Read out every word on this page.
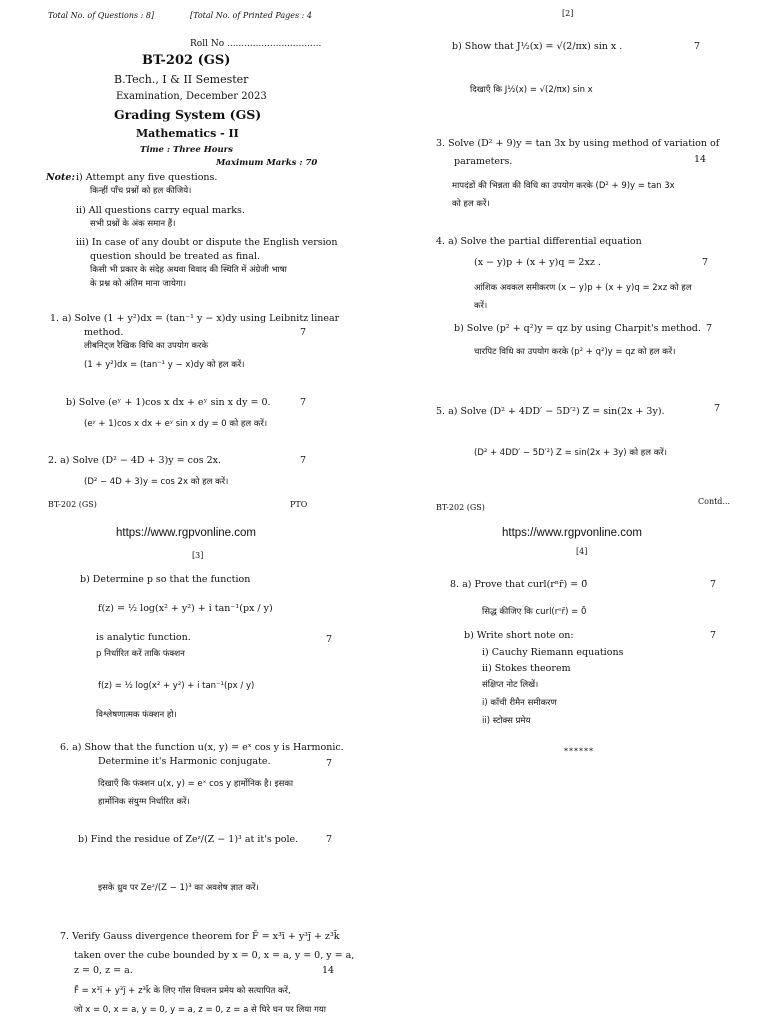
Total No. of Questions : 8]	[Total No. of Printed Pages : 4
Roll No .................................
BT-202 (GS)
B.Tech., I & II Semester
Examination, December 2023
Grading System (GS)
Mathematics - II
Time : Three Hours
Maximum Marks : 70
Note: i) Attempt any five questions.
किन्हीं पाँच प्रश्नों को हल कीजिये।
ii) All questions carry equal marks.
सभी प्रश्नों के अंक समान हैं।
iii) In case of any doubt or dispute the English version
question should be treated as final.
किसी भी प्रकार के संदेह अथवा विवाद की स्थिति में अंग्रेजी भाषा
के प्रश्न को अंतिम माना जायेगा।
1. a) Solve (1 + y²)dx = (tan⁻¹ y − x)dy using Leibnitz linear
method.	7
लीबनिट्ज रैखिक विधि का उपयोग करके
(1 + y²)dx = (tan⁻¹ y − x)dy को हल करें।
b) Solve (eʸ + 1)cos x dx + eʸ sin x dy = 0.	7
(eʸ + 1)cos x dx + eʸ sin x dy = 0 को हल करें।
2. a) Solve (D² − 4D + 3)y = cos 2x.	7
(D² − 4D + 3)y = cos 2x को हल करें।
BT-202 (GS)	PTO
[2]
b) Show that J½(x) = √(2/πx) sin x .	7
दिखाएँ कि J½(x) = √(2/πx) sin x
3. Solve (D² + 9)y = tan 3x by using method of variation of
parameters.	14
मापदंडों की भिन्नता की विधि का उपयोग करके (D² + 9)y = tan 3x
को हल करें।
4. a) Solve the partial differential equation
(x − y)p + (x + y)q = 2xz .	7
आंशिक अवकल समीकरण (x − y)p + (x + y)q = 2xz को हल
करें।
b) Solve (p² + q²)y = qz by using Charpit's method. 7
चारपिट विधि का उपयोग करके (p² + q²)y = qz को हल करें।
5. a) Solve (D² + 4DD′ − 5D′²) Z = sin(2x + 3y).	7
(D² + 4DD′ − 5D′²) Z = sin(2x + 3y) को हल करें।
BT-202 (GS)
Contd...
https://www.rgpvonline.com
[3]
b) Determine p so that the function
f(z) = ½ log(x² + y²) + i tan⁻¹(px / y)
is analytic function.	7
p निर्धारित करें ताकि फंक्शन
f(z) = ½ log(x² + y²) + i tan⁻¹(px / y)
विश्लेषणात्मक फंक्शन हो।
6. a) Show that the function u(x, y) = eˣ cos y is Harmonic.
Determine it's Harmonic conjugate.	7
दिखाएँ कि फंक्शन u(x, y) = eˣ cos y हार्मोनिक है। इसका
हार्मोनिक संयुग्म निर्धारित करें।
b) Find the residue of Zeᶻ/(Z − 1)³ at it's pole.	7
इसके ध्रुव पर Zeᶻ/(Z − 1)³ का अवशेष ज्ञात करें।
7. Verify Gauss divergence theorem for F̄ = x³ī + y³j̄ + z³k̄
taken over the cube bounded by x = 0, x = a, y = 0, y = a,
z = 0, z = a.	14
F̄ = x³ī + y³j̄ + z³k̄ के लिए गॉस विचलन प्रमेय को सत्यापित करें,
जो x = 0, x = a, y = 0, y = a, z = 0, z = a से घिरे घन पर लिया गया
https://www.rgpvonline.com
[4]
8. a) Prove that curl(rⁿr̄) = 0̄	7
सिद्ध कीजिए कि curl(rⁿr̄) = 0̄
b) Write short note on:	7
i) Cauchy Riemann equations
ii) Stokes theorem
संक्षिप्त नोट लिखें।
i) कॉंची रीमैन समीकरण
ii) स्टोक्स प्रमेय
******
